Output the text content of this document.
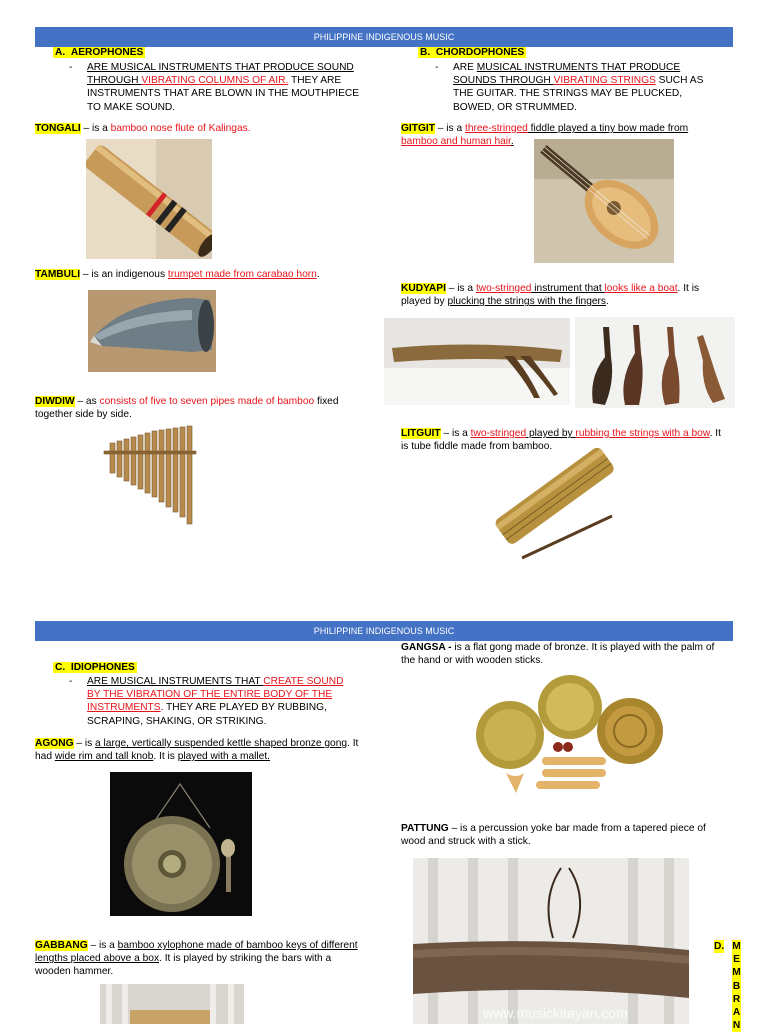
PHILIPPINE INDIGENOUS MUSIC
A. AEROPHONES
- ARE MUSICAL INSTRUMENTS THAT PRODUCE SOUND THROUGH VIBRATING COLUMNS OF AIR. THEY ARE INSTRUMENTS THAT ARE BLOWN IN THE MOUTHPIECE TO MAKE SOUND.
TONGALI – is a bamboo nose flute of Kalingas.
TAMBULI – is an indigenous trumpet made from carabao horn.
DIWDIW – as consists of five to seven pipes made of bamboo fixed together side by side.
B. CHORDOPHONES
- ARE MUSICAL INSTRUMENTS THAT PRODUCE SOUNDS THROUGH VIBRATING STRINGS SUCH AS THE GUITAR. THE STRINGS MAY BE PLUCKED, BOWED, OR STRUMMED.
GITGIT – is a three-stringed fiddle played a tiny bow made from bamboo and human hair.
KUDYAPI – is a two-stringed instrument that looks like a boat. It is played by plucking the strings with the fingers.
LITGUIT – is a two-stringed played by rubbing the strings with a bow. It is tube fiddle made from bamboo.
PHILIPPINE INDIGENOUS MUSIC
C. IDIOPHONES
- ARE MUSICAL INSTRUMENTS THAT CREATE SOUND BY THE VIBRATION OF THE ENTIRE BODY OF THE INSTRUMENTS. THEY ARE PLAYED BY RUBBING, SCRAPING, SHAKING, OR STRIKING.
AGONG – is a large, vertically suspended kettle shaped bronze gong. It had wide rim and tall knob. It is played with a mallet.
GABBANG – is a bamboo xylophone made of bamboo keys of different lengths placed above a box. It is played by striking the bars with a wooden hammer.
GANGSA - is a flat gong made of bronze. It is played with the palm of the hand or with wooden sticks.
PATTUNG – is a percussion yoke bar made from a tapered piece of wood and struck with a stick.
www.musickitayan.com
D. M
E
M
B
R
A
N
